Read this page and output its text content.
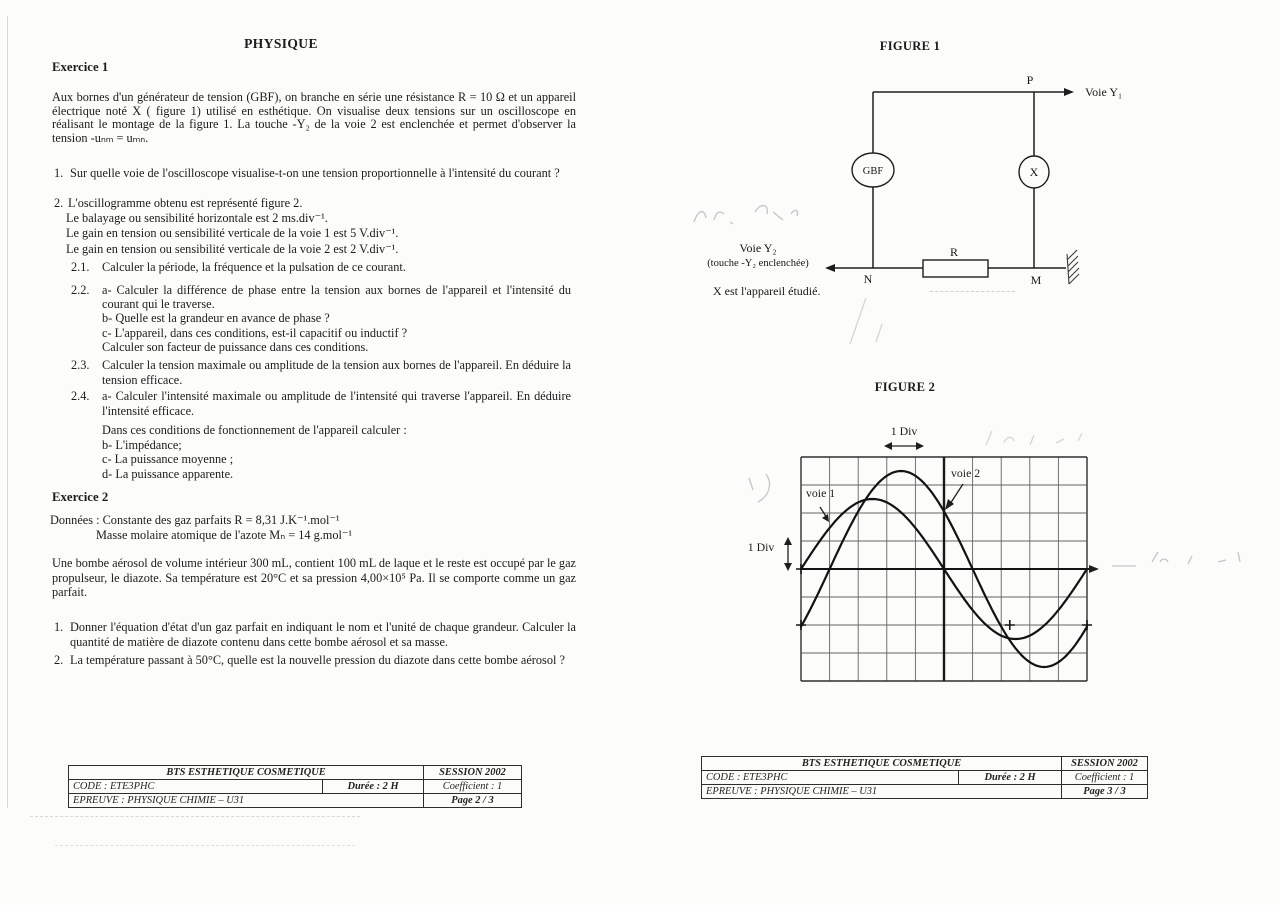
PHYSIQUE
Exercice 1
Aux bornes d'un générateur de tension (GBF), on branche en série une résistance R = 10 Ω et un appareil électrique noté X ( figure 1) utilisé en esthétique. On visualise deux tensions sur un oscilloscope en réalisant le montage de la figure 1. La touche -Y₂ de la voie 2 est enclenchée et permet d'observer la tension -uₙₘ = uₘₙ.
1. Sur quelle voie de l'oscilloscope visualise-t-on une tension proportionnelle à l'intensité du courant ?
2. L'oscillogramme obtenu est représenté figure 2.
Le balayage ou sensibilité horizontale est 2 ms.div⁻¹.
Le gain en tension ou sensibilité verticale de la voie 1 est 5 V.div⁻¹.
Le gain en tension ou sensibilité verticale de la voie 2 est 2 V.div⁻¹.
2.1. Calculer la période, la fréquence et la pulsation de ce courant.
2.2. a- Calculer la différence de phase entre la tension aux bornes de l'appareil et l'intensité du courant qui le traverse.
b- Quelle est la grandeur en avance de phase ?
c- L'appareil, dans ces conditions, est-il capacitif ou inductif ?
Calculer son facteur de puissance dans ces conditions.
2.3. Calculer la tension maximale ou amplitude de la tension aux bornes de l'appareil. En déduire la tension efficace.
2.4. a- Calculer l'intensité maximale ou amplitude de l'intensité qui traverse l'appareil. En déduire l'intensité efficace.
Dans ces conditions de fonctionnement de l'appareil calculer :
b- L'impédance;
c- La puissance moyenne ;
d- La puissance apparente.
Exercice 2
Données : Constante des gaz parfaits R = 8,31 J.K⁻¹.mol⁻¹
Masse molaire atomique de l'azote Mₙ = 14 g.mol⁻¹
Une bombe aérosol de volume intérieur 300 mL, contient 100 mL de laque et le reste est occupé par le gaz propulseur, le diazote. Sa température est 20°C et sa pression 4,00×10⁵ Pa. Il se comporte comme un gaz parfait.
1. Donner l'équation d'état d'un gaz parfait en indiquant le nom et l'unité de chaque grandeur. Calculer la quantité de matière de diazote contenu dans cette bombe aérosol et sa masse.
2. La température passant à 50°C, quelle est la nouvelle pression du diazote dans cette bombe aérosol ?
BTS ESTHETIQUE COSMETIQUE		SESSION 2002
CODE : ETE3PHC	Durée : 2 H	Coefficient : 1
EPREUVE : PHYSIQUE CHIMIE – U31		Page 2 / 3
FIGURE 1
GBF	X
R
P
N	M
Voie Y₁
Voie Y₂
(touche -Y₂ enclenchée)
X est l'appareil étudié.
FIGURE 2
1 Div
1 Div
voie 1
voie 2
BTS ESTHETIQUE COSMETIQUE		SESSION 2002
CODE : ETE3PHC	Durée : 2 H	Coefficient : 1
EPREUVE : PHYSIQUE CHIMIE – U31		Page 3 / 3
